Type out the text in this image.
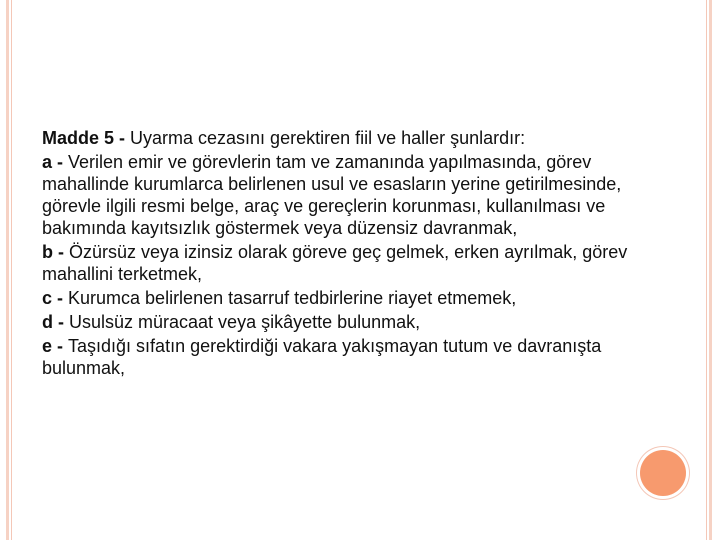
Madde 5 - Uyarma cezasını gerektiren fiil ve haller şunlardır:

a - Verilen emir ve görevlerin tam ve zamanında yapılmasında, görev mahallinde kurumlarca belirlenen usul ve esasların yerine getirilmesinde, görevle ilgili resmi belge, araç ve gereçlerin korunması, kullanılması ve bakımında kayıtsızlık göstermek veya düzensiz davranmak,

b - Özürsüz veya izinsiz olarak göreve geç gelmek, erken ayrılmak, görev mahallini terketmek,

c - Kurumca belirlenen tasarruf tedbirlerine riayet etmemek,

d - Usulsüz müracaat veya şikâyette bulunmak,

e - Taşıdığı sıfatın gerektirdiği vakara yakışmayan tutum ve davranışta bulunmak,
